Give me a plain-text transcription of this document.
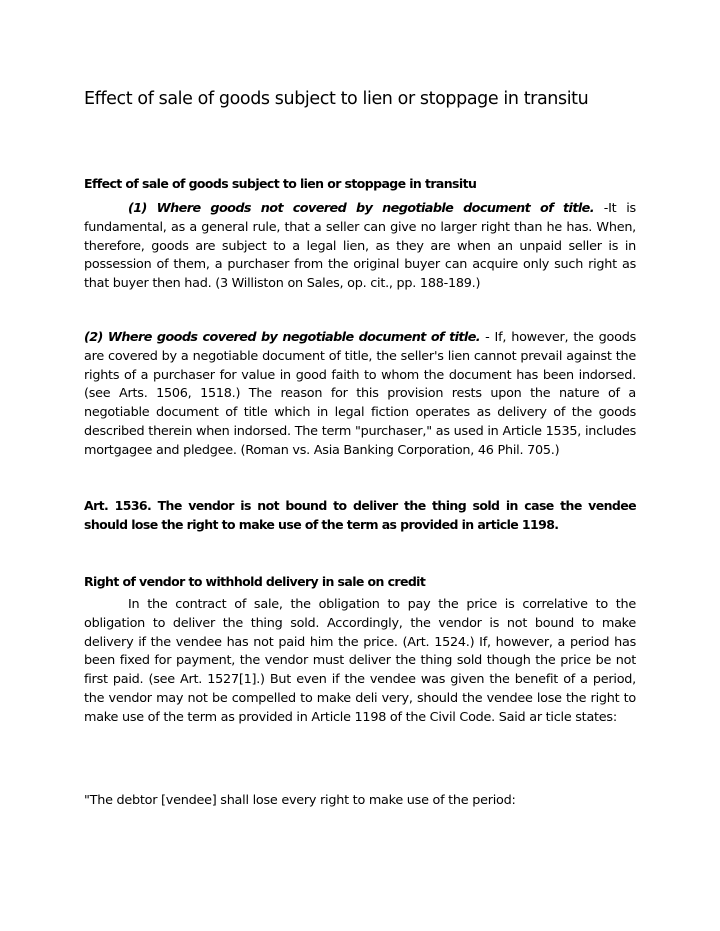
Effect of sale of goods subject to lien or stoppage in transitu
Effect of sale of goods subject to lien or stoppage in transitu

(1) Where goods not covered by negotiable document of title. -It is fundamental, as a general rule, that a seller can give no larger right than he has. When, therefore, goods are subject to a legal lien, as they are when an unpaid seller is in possession of them, a purchaser from the original buyer can acquire only such right as that buyer then had. (3 Williston on Sales, op. cit., pp. 188-189.)

(2) Where goods covered by negotiable document of title. - If, however, the goods are covered by a negotiable document of title, the seller's lien cannot prevail against the rights of a purchaser for value in good faith to whom the document has been indorsed. (see Arts. 1506, 1518.) The reason for this provision rests upon the nature of a negotiable document of title which in legal fiction operates as delivery of the goods described therein when indorsed. The term "purchaser," as used in Article 1535, includes mortgagee and pledgee. (Roman vs. Asia Banking Corporation, 46 Phil. 705.)

Art. 1536. The vendor is not bound to deliver the thing sold in case the vendee should lose the right to make use of the term as provided in article 1198.

Right of vendor to withhold delivery in sale on credit

In the contract of sale, the obligation to pay the price is correlative to the obligation to deliver the thing sold. Accordingly, the vendor is not bound to make delivery if the vendee has not paid him the price. (Art. 1524.) If, however, a period has been fixed for payment, the vendor must deliver the thing sold though the price be not first paid. (see Art. 1527[1].) But even if the vendee was given the benefit of a period, the vendor may not be compelled to make deli very, should the vendee lose the right to make use of the term as provided in Article 1198 of the Civil Code. Said ar ticle states:

"The debtor [vendee] shall lose every right to make use of the period:
